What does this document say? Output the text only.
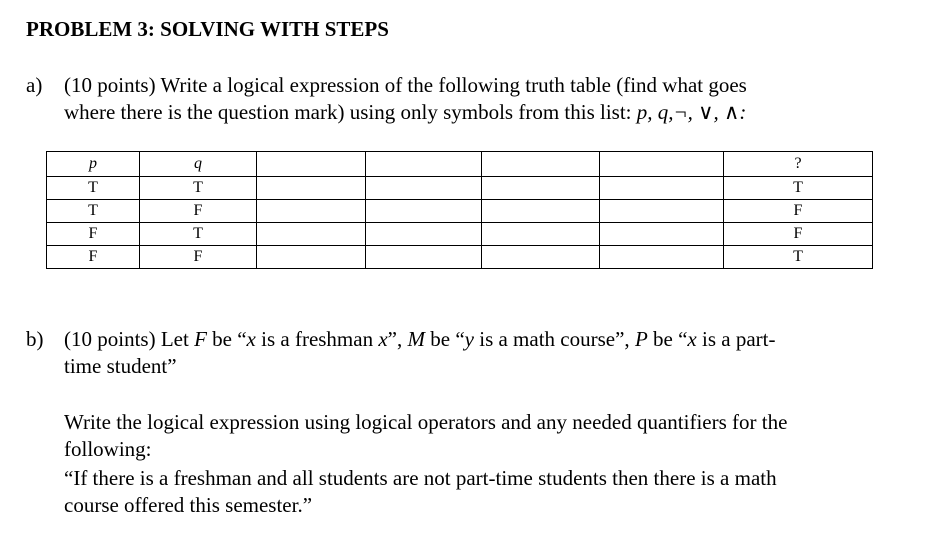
PROBLEM 3: SOLVING WITH STEPS
a) (10 points) Write a logical expression of the following truth table (find what goes
where there is the question mark) using only symbols from this list: p, q,¬, ∨, ∧:
p	q					?
T	T					T
T	F					F
F	T					F
F	F					T
b) (10 points) Let F be “x is a freshman x”, M be “y is a math course”, P be “x is a part-
time student”
Write the logical expression using logical operators and any needed quantifiers for the
following:
“If there is a freshman and all students are not part-time students then there is a math
course offered this semester.”
